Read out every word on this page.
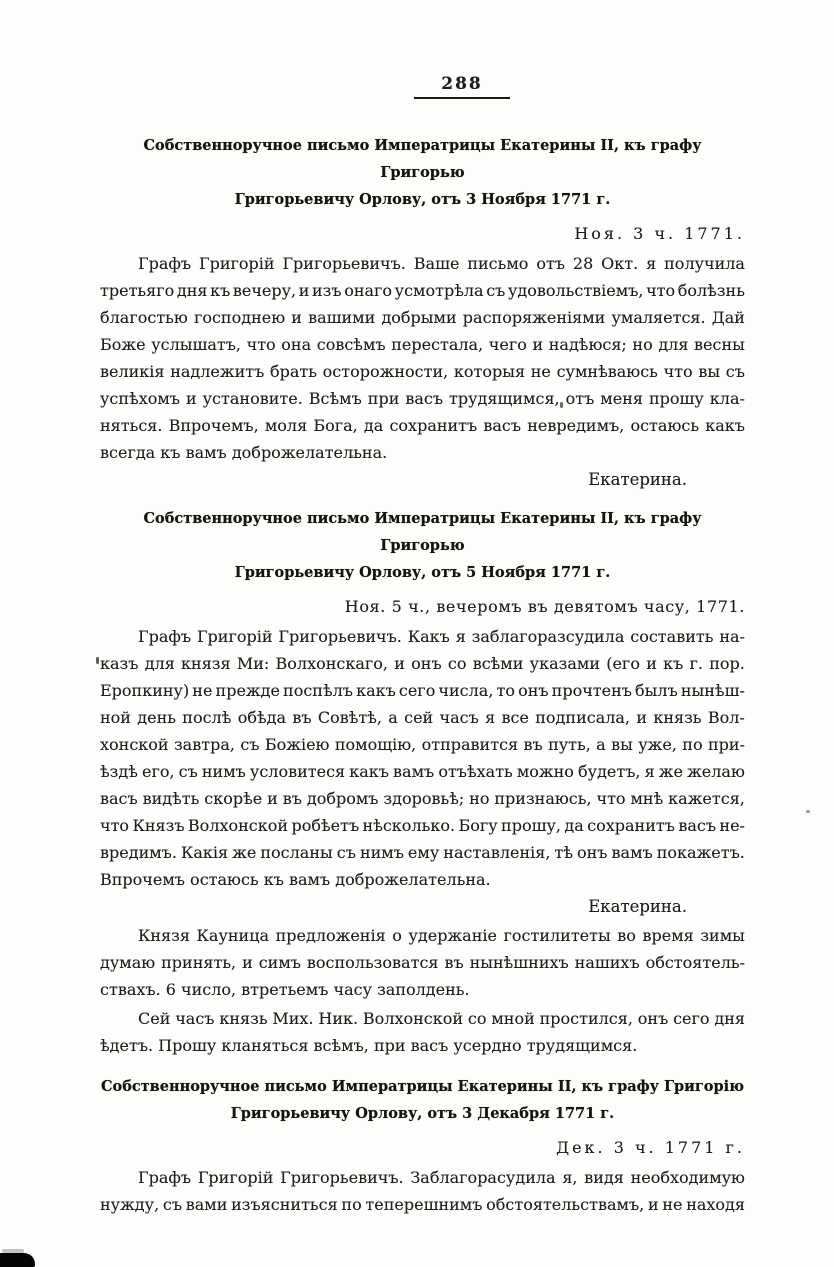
288
Собственноручное письмо Императрицы Екатерины II, къ графу Григорью
Григорьевичу Орлову, отъ 3 Ноября 1771 г.
Ноя. 3 ч. 1771.
Графъ Григорій Григорьевичъ. Ваше письмо отъ 28 Окт. я получила
третьяго дня къ вечеру, и изъ онаго усмотрѣла съ удовольствіемъ, что болѣзнь
благостью господнею и вашими добрыми распоряженіями умаляется. Дай
Боже услышатъ, что она совсѣмъ перестала, чего и надѣюся; но для весны
великія надлежитъ брать осторожности, которыя не сумнѣваюсь что вы съ
успѣхомъ и установите. Всѣмъ при васъ трудящимся, отъ меня прошу кла-
няться. Впрочемъ, моля Бога, да сохранитъ васъ невредимъ, остаюсь какъ
всегда къ вамъ доброжелательна.
Екатерина.
Собственноручное письмо Императрицы Екатерины II, къ графу Григорью
Григорьевичу Орлову, отъ 5 Ноября 1771 г.
Ноя. 5 ч., вечеромъ въ девятомъ часу, 1771.
Графъ Григорій Григорьевичъ. Какъ я заблагоразсудила составить на-
казъ для князя Ми: Волхонскаго, и онъ со всѣми указами (его и къ г. пор.
Еропкину) не прежде поспѣлъ какъ сего числа, то онъ прочтенъ былъ нынѣш-
ной день послѣ обѣда въ Совѣтѣ, а сей часъ я все подписала, и князь Вол-
хонской завтра, съ Божіею помощію, отправится въ путь, а вы уже, по при-
ѣздѣ его, съ нимъ условитеся какъ вамъ отъѣхать можно будетъ, я же желаю
васъ видѣть скорѣе и въ добромъ здоровьѣ; но признаюсь, что мнѣ кажется,
что Князъ Волхонской робѣетъ нѣсколько. Богу прошу, да сохранитъ васъ не-
вредимъ. Какія же посланы съ нимъ ему наставленія, тѣ онъ вамъ покажетъ.
Впрочемъ остаюсь къ вамъ доброжелательна.
Екатерина.
Князя Кауница предложенія о удержаніе гостилитеты во время зимы
думаю принять, и симъ воспользоватся въ нынѣшнихъ нашихъ обстоятель-
ствахъ. 6 число, втретьемъ часу заполдень.
Сей часъ князь Мих. Ник. Волхонской со мной простился, онъ сего дня
ѣдетъ. Прошу кланяться всѣмъ, при васъ усердно трудящимся.
Собственноручное письмо Императрицы Екатерины II, къ графу Григорію
Григорьевичу Орлову, отъ 3 Декабря 1771 г.
Дек. 3 ч. 1771 г.
Графъ Григорій Григорьевичъ. Заблагорасудила я, видя необходимую
нужду, съ вами изъясниться по теперешнимъ обстоятельствамъ, и не находя
